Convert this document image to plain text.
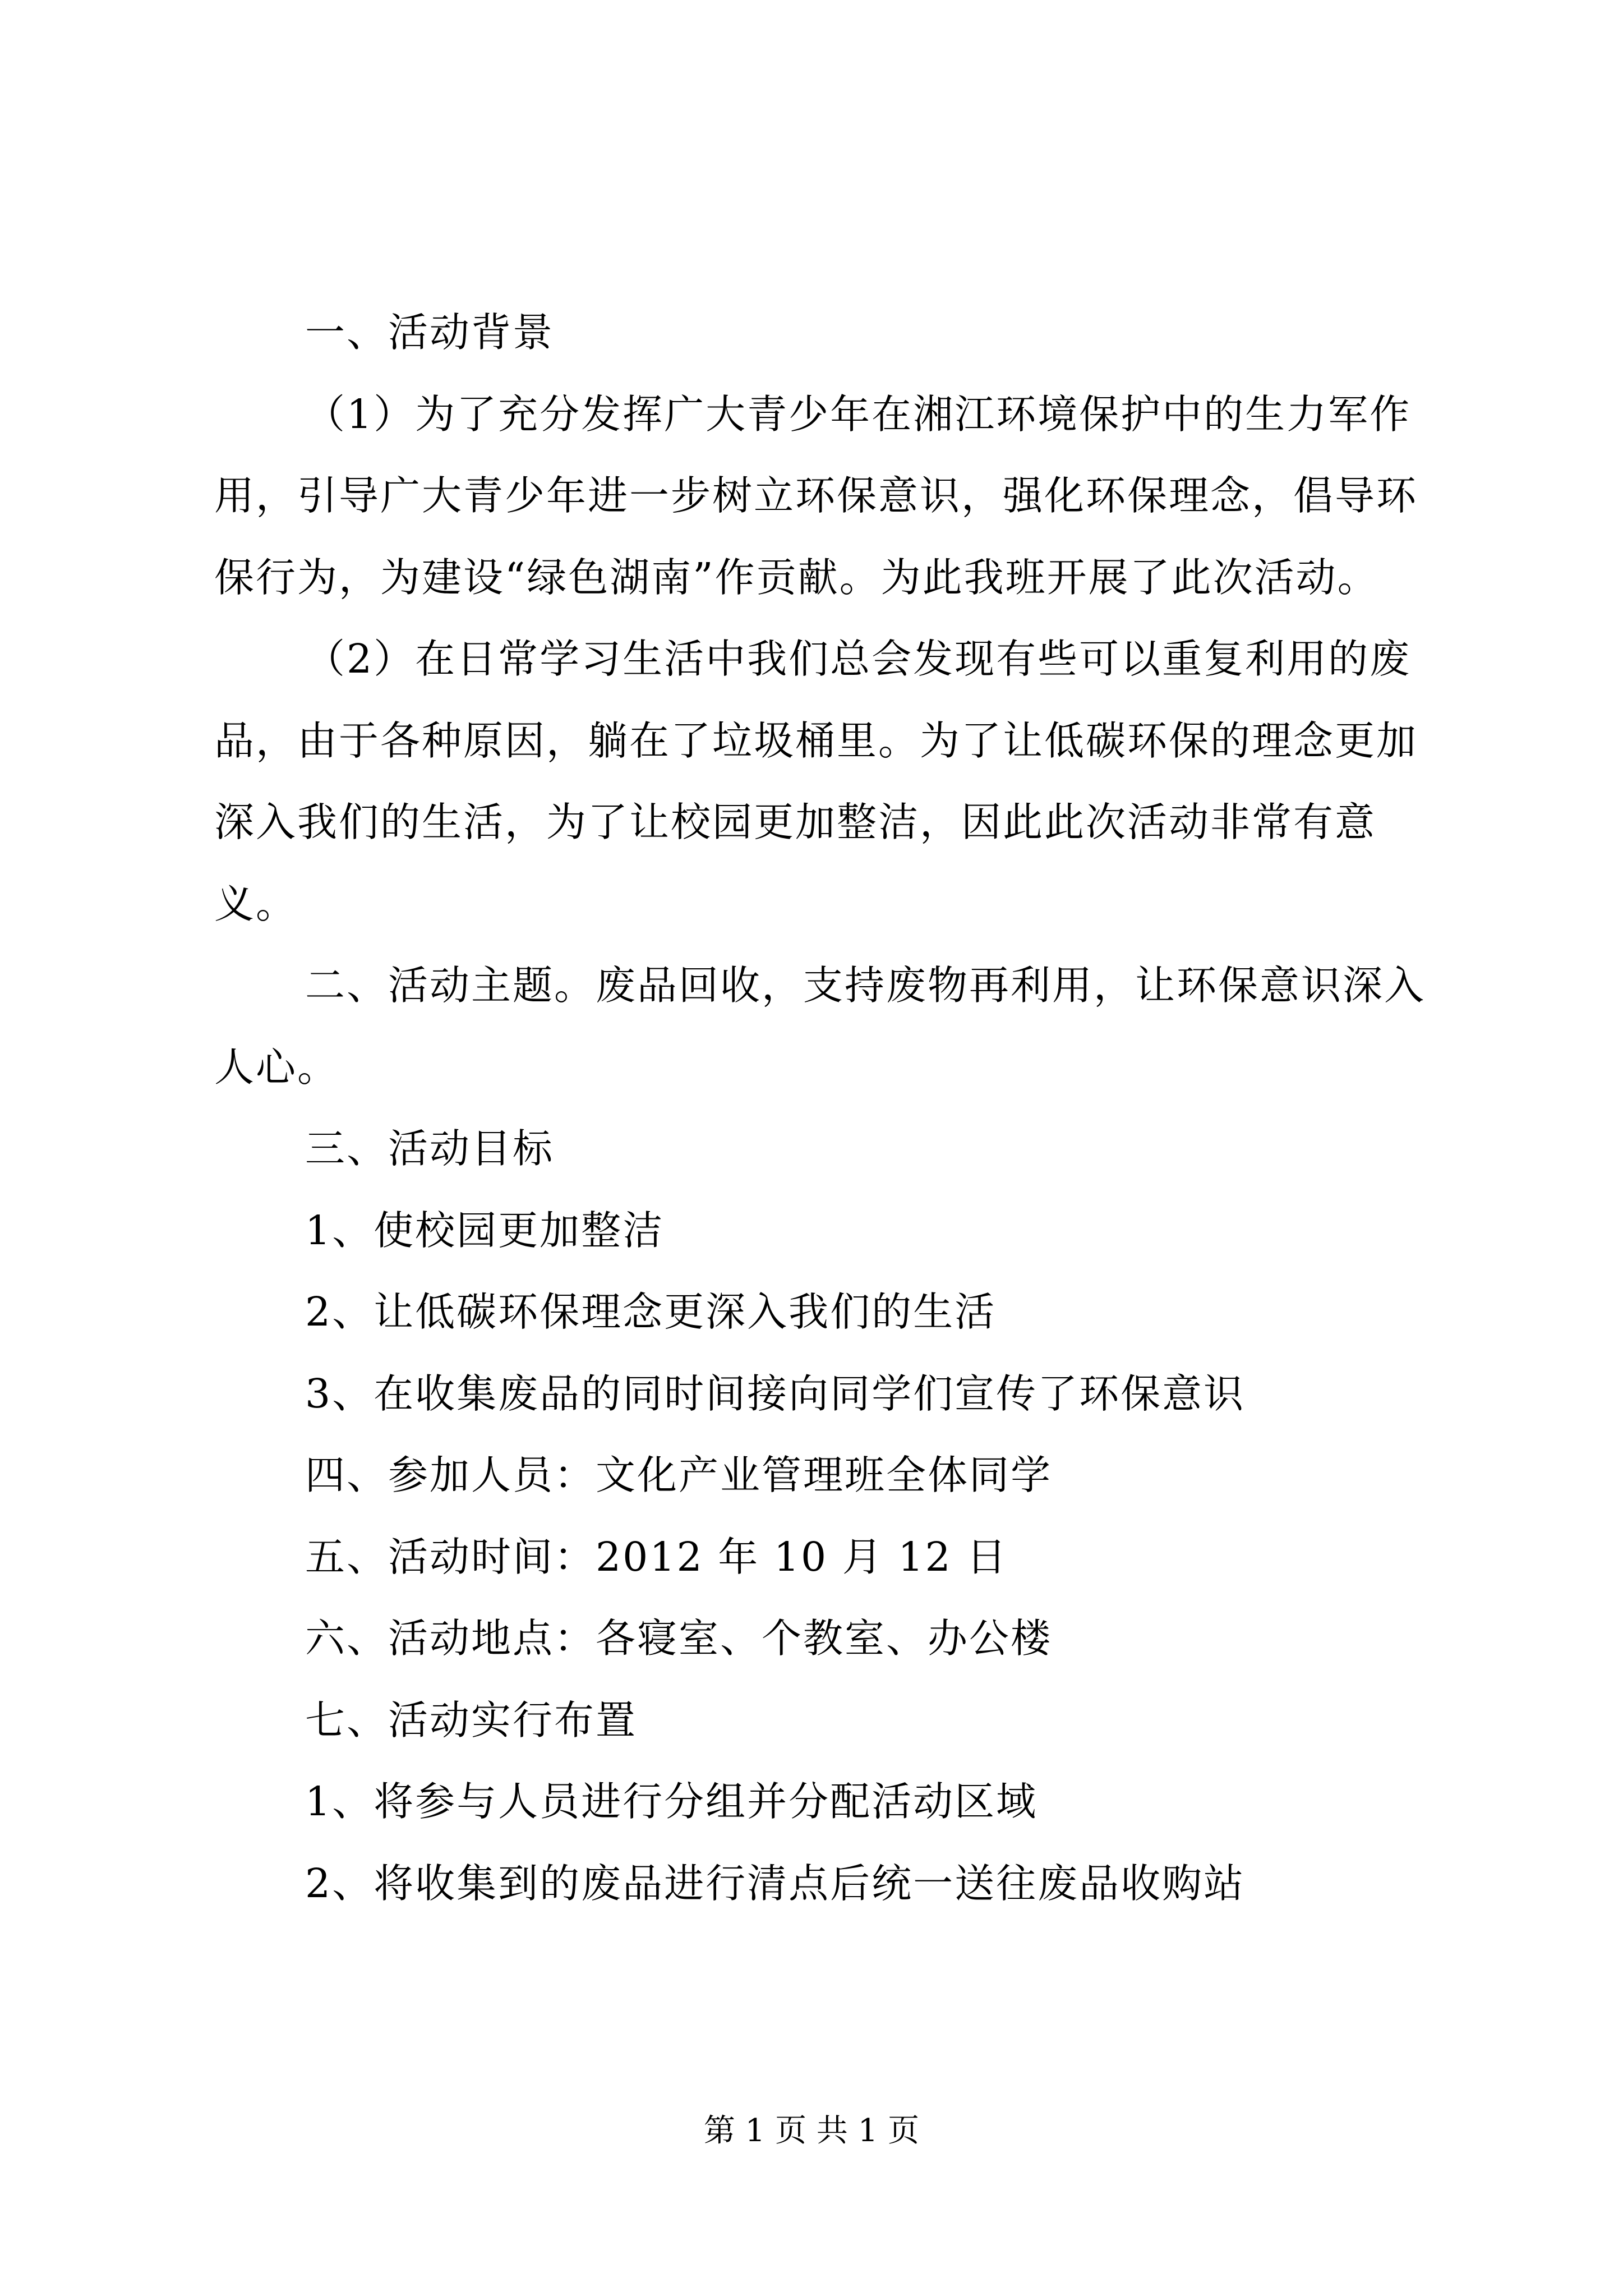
一、活动背景

（1）为了充分发挥广大青少年在湘江环境保护中的生力军作用，引导广大青少年进一步树立环保意识，强化环保理念，倡导环保行为，为建设“绿色湖南”作贡献。为此我班开展了此次活动。

（2）在日常学习生活中我们总会发现有些可以重复利用的废品，由于各种原因，躺在了垃圾桶里。为了让低碳环保的理念更加深入我们的生活，为了让校园更加整洁，因此此次活动非常有意义。

二、活动主题。废品回收，支持废物再利用，让环保意识深入人心。

三、活动目标

1、使校园更加整洁

2、让低碳环保理念更深入我们的生活

3、在收集废品的同时间接向同学们宣传了环保意识

四、参加人员：文化产业管理班全体同学

五、活动时间：2012 年 10 月 12 日

六、活动地点：各寝室、个教室、办公楼

七、活动实行布置

1、将参与人员进行分组并分配活动区域

2、将收集到的废品进行清点后统一送往废品收购站

第 1 页 共 1 页
